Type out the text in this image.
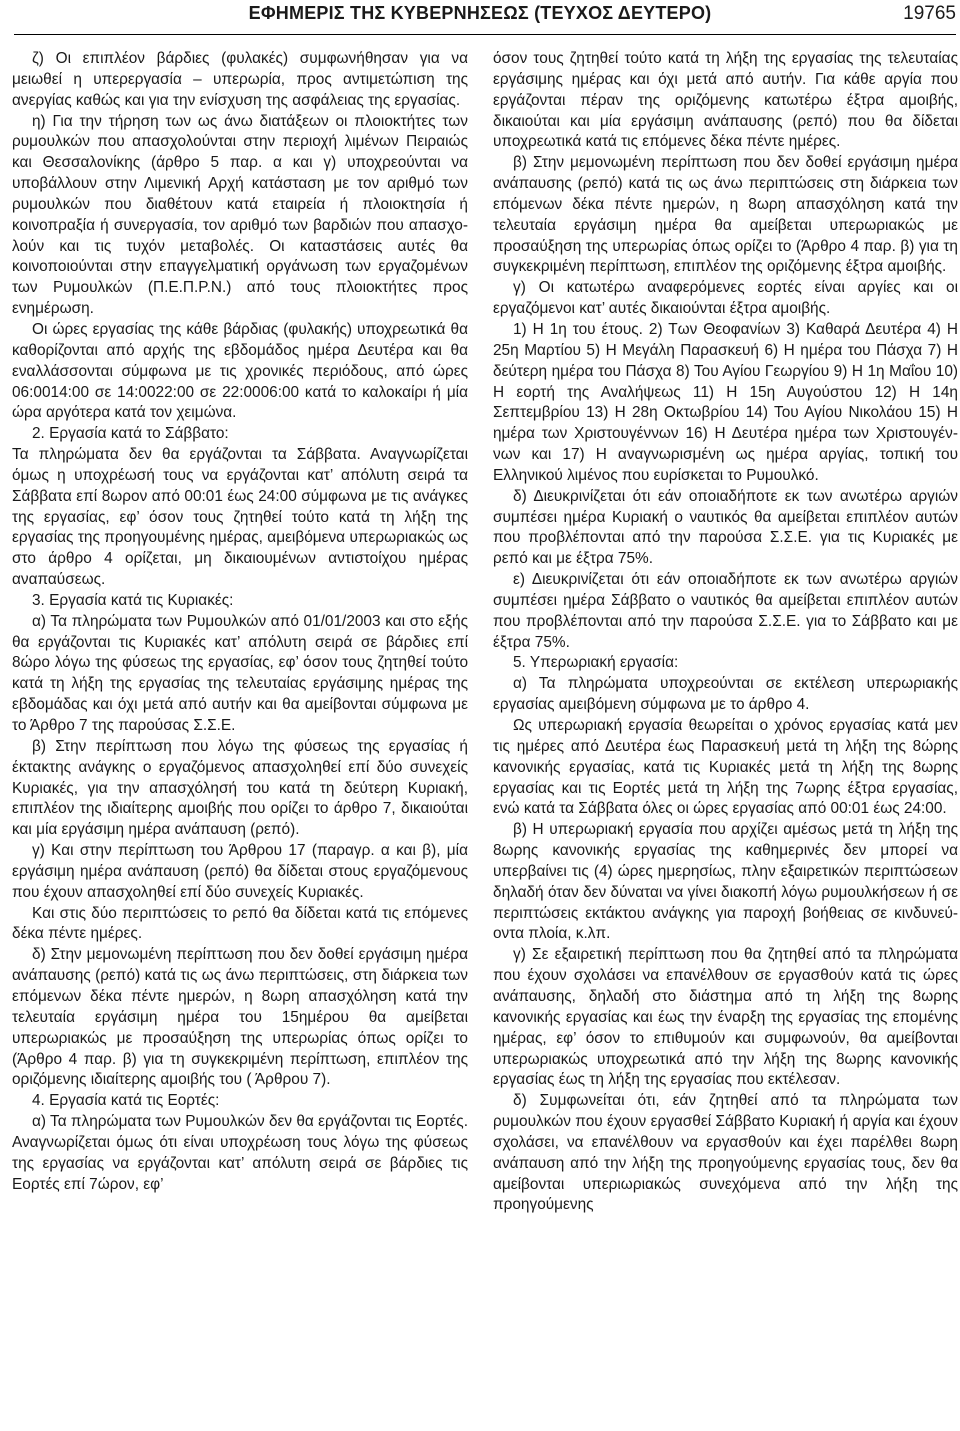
ΕΦΗΜΕΡΙΣ ΤΗΣ ΚΥΒΕΡΝΗΣΕΩΣ (ΤΕΥΧΟΣ ΔΕΥΤΕΡΟ)	19765

ζ) Οι επιπλέον βάρδιες (φυλακές) συμφωνήθησαν για να μειωθεί η υπερεργασία – υπερωρία, προς αντιμετώπιση της ανεργίας καθώς και για την ενίσχυση της ασφάλειας της εργασίας.

η) Για την τήρηση των ως άνω διατάξεων οι πλοιοκτήτες των ρυμουλκών που απασχολούνται στην περιοχή λιμένων Πειραιώς και Θεσσαλονίκης (άρθρο 5 παρ. α και γ) υποχρεούνται να υποβάλλουν στην Λιμενική Αρχή κατάσταση με τον αριθμό των ρυμουλκών που διαθέτουν κατά εταιρεία ή πλοιοκτησία ή κοινοπραξία ή συνεργασία, τον αριθμό των βαρδιών που απασχολούν και τις τυχόν μεταβολές. Οι καταστάσεις αυτές θα κοινοποιούνται στην επαγγελματική οργάνωση των εργαζομένων των Ρυμουλκών (Π.Ε.Π.Ρ.Ν.) από τους πλοιοκτήτες προς ενημέρωση.

Οι ώρες εργασίας της κάθε βάρδιας (φυλακής) υποχρεωτικά θα καθορίζονται από αρχής της εβδομάδος ημέρα Δευτέρα και θα εναλλάσσονται σύμφωνα με τις χρονικές περιόδους, από ώρες 06:0014:00 σε 14:0022:00 σε 22:0006:00 κατά το καλοκαίρι ή μία ώρα αργότερα κατά τον χειμώνα.

2. Εργασία κατά το Σάββατο:

Τα πληρώματα δεν θα εργάζονται τα Σάββατα. Αναγνωρίζεται όμως η υποχρέωσή τους να εργάζονται κατ’ απόλυτη σειρά τα Σάββατα επί 8ωρον από 00:01 έως 24:00 σύμφωνα με τις ανάγκες της εργασίας, εφ’ όσον τους ζητηθεί τούτο κατά τη λήξη της εργασίας της προηγουμένης ημέρας, αμειβόμενα υπερωριακώς ως στο άρθρο 4 ορίζεται, μη δικαιουμένων αντιστοίχου ημέρας αναπαύσεως.

3. Εργασία κατά τις Κυριακές:

α) Τα πληρώματα των Ρυμουλκών από 01/01/2003 και στο εξής θα εργάζονται τις Κυριακές κατ’ απόλυτη σειρά σε βάρδιες επί 8ώρο λόγω της φύσεως της εργασίας, εφ’ όσον τους ζητηθεί τούτο κατά τη λήξη της εργασίας της τελευταίας εργάσιμης ημέρας της εβδομάδας και όχι μετά από αυτήν και θα αμείβονται σύμφωνα με το Άρθρο 7 της παρούσας Σ.Σ.Ε.

β) Στην περίπτωση που λόγω της φύσεως της εργασίας ή έκτακτης ανάγκης ο εργαζόμενος απασχοληθεί επί δύο συνεχείς Κυριακές, για την απασχόλησή του κατά τη δεύτερη Κυριακή, επιπλέον της ιδιαίτερης αμοιβής που ορίζει το άρθρο 7, δικαιούται και μία εργάσιμη ημέρα ανάπαυση (ρεπό).

γ) Και στην περίπτωση του Άρθρου 17 (παραγρ. α και β), μία εργάσιμη ημέρα ανάπαυση (ρεπό) θα δίδεται στους εργαζόμενους που έχουν απασχοληθεί επί δύο συνεχείς Κυριακές.

Και στις δύο περιπτώσεις το ρεπό θα δίδεται κατά τις επόμενες δέκα πέντε ημέρες.

δ) Στην μεμονωμένη περίπτωση που δεν δοθεί εργάσιμη ημέρα ανάπαυσης (ρεπό) κατά τις ως άνω περιπτώσεις, στη διάρκεια των επόμενων δέκα πέντε ημερών, η 8ωρη απασχόληση κατά την τελευταία εργάσιμη ημέρα του 15ημέρου θα αμείβεται υπερωριακώς με προσαύξηση της υπερωρίας όπως ορίζει το (Άρθρο 4 παρ. β) για τη συγκεκριμένη περίπτωση, επιπλέον της οριζόμενης ιδιαίτερης αμοιβής του ( Άρθρου 7).

4. Εργασία κατά τις Εορτές:

α) Τα πληρώματα των Ρυμουλκών δεν θα εργάζονται τις Εορτές. Αναγνωρίζεται όμως ότι είναι υποχρέωση τους λόγω της φύσεως της εργασίας να εργάζονται κατ’ απόλυτη σειρά σε βάρδιες τις Εορτές επί 7ώρον, εφ’

όσον τους ζητηθεί τούτο κατά τη λήξη της εργασίας της τελευταίας εργάσιμης ημέρας και όχι μετά από αυτήν. Για κάθε αργία που εργάζονται πέραν της οριζόμενης κατωτέρω έξτρα αμοιβής, δικαιούται και μία εργάσιμη ανάπαυσης (ρεπό) που θα δίδεται υποχρεωτικά κατά τις επόμενες δέκα πέντε ημέρες.

β) Στην μεμονωμένη περίπτωση που δεν δοθεί εργάσιμη ημέρα ανάπαυσης (ρεπό) κατά τις ως άνω περιπτώσεις στη διάρκεια των επόμενων δέκα πέντε ημερών, η 8ωρη απασχόληση κατά την τελευταία εργάσιμη ημέρα θα αμείβεται υπερωριακώς με προσαύξηση της υπερωρίας όπως ορίζει το (Άρθρο 4 παρ. β) για τη συγκεκριμένη περίπτωση, επιπλέον της οριζόμενης έξτρα αμοιβής.

γ) Οι κατωτέρω αναφερόμενες εορτές είναι αργίες και οι εργαζόμενοι κατ’ αυτές δικαιούνται έξτρα αμοιβής.

1) Η 1η του έτους. 2) Των Θεοφανίων 3) Καθαρά Δευτέρα 4) Η 25η Μαρτίου 5) Η Μεγάλη Παρασκευή 6) Η ημέρα του Πάσχα 7) Η δεύτερη ημέρα του Πάσχα 8) Του Αγίου Γεωργίου 9) Η 1η Μαΐου 10) Η εορτή της Αναλήψεως 11) Η 15η Αυγούστου 12) Η 14η Σεπτεμβρίου 13) Η 28η Οκτωβρίου 14) Του Αγίου Νικολάου 15) Η ημέρα των Χριστουγέννων 16) Η Δευτέρα ημέρα των Χριστουγέννων και 17) Η αναγνωρισμένη ως ημέρα αργίας, τοπική του Ελληνικού λιμένος που ευρίσκεται το Ρυμουλκό.

δ) Διευκρινίζεται ότι εάν οποιαδήποτε εκ των ανωτέρω αργιών συμπέσει ημέρα Κυριακή ο ναυτικός θα αμείβεται επιπλέον αυτών που προβλέπονται από την παρούσα Σ.Σ.Ε. για τις Κυριακές με ρεπό και με έξτρα 75%.

ε) Διευκρινίζεται ότι εάν οποιαδήποτε εκ των ανωτέρω αργιών συμπέσει ημέρα Σάββατο ο ναυτικός θα αμείβεται επιπλέον αυτών που προβλέπονται από την παρούσα Σ.Σ.Ε. για το Σάββατο και με έξτρα 75%.

5. Υπερωριακή εργασία:

α) Τα πληρώματα υποχρεούνται σε εκτέλεση υπερωριακής εργασίας αμειβόμενη σύμφωνα με το άρθρο 4.

Ως υπερωριακή εργασία θεωρείται ο χρόνος εργασίας κατά μεν τις ημέρες από Δευτέρα έως Παρασκευή μετά τη λήξη της 8ώρης κανονικής εργασίας, κατά τις Κυριακές μετά τη λήξη της 8ωρης εργασίας και τις Εορτές μετά τη λήξη της 7ωρης έξτρα εργασίας, ενώ κατά τα Σάββατα όλες οι ώρες εργασίας από 00:01 έως 24:00.

β) Η υπερωριακή εργασία που αρχίζει αμέσως μετά τη λήξη της 8ωρης κανονικής εργασίας της καθημερινές δεν μπορεί να υπερβαίνει τις (4) ώρες ημερησίως, πλην εξαιρετικών περιπτώσεων δηλαδή όταν δεν δύναται να γίνει διακοπή λόγω ρυμουλκήσεων ή σε περιπτώσεις εκτάκτου ανάγκης για παροχή βοήθειας σε κινδυνεύοντα πλοία, κ.λπ.

γ) Σε εξαιρετική περίπτωση που θα ζητηθεί από τα πληρώματα που έχουν σχολάσει να επανέλθουν σε εργασθούν κατά τις ώρες ανάπαυσης, δηλαδή στο διάστημα από τη λήξη της 8ωρης κανονικής εργασίας και έως την έναρξη της εργασίας της επομένης ημέρας, εφ’ όσον το επιθυμούν και συμφωνούν, θα αμείβονται υπερωριακώς υποχρεωτικά από την λήξη της 8ωρης κανονικής εργασίας έως τη λήξη της εργασίας που εκτέλεσαν.

δ) Συμφωνείται ότι, εάν ζητηθεί από τα πληρώματα των ρυμουλκών που έχουν εργασθεί Σάββατο Κυριακή ή αργία και έχουν σχολάσει, να επανέλθουν να εργασθούν και έχει παρέλθει 8ωρη ανάπαυση από την λήξη της προηγούμενης εργασίας τους, δεν θα αμείβονται υπεριωριακώς συνεχόμενα από την λήξη της προηγούμενης
